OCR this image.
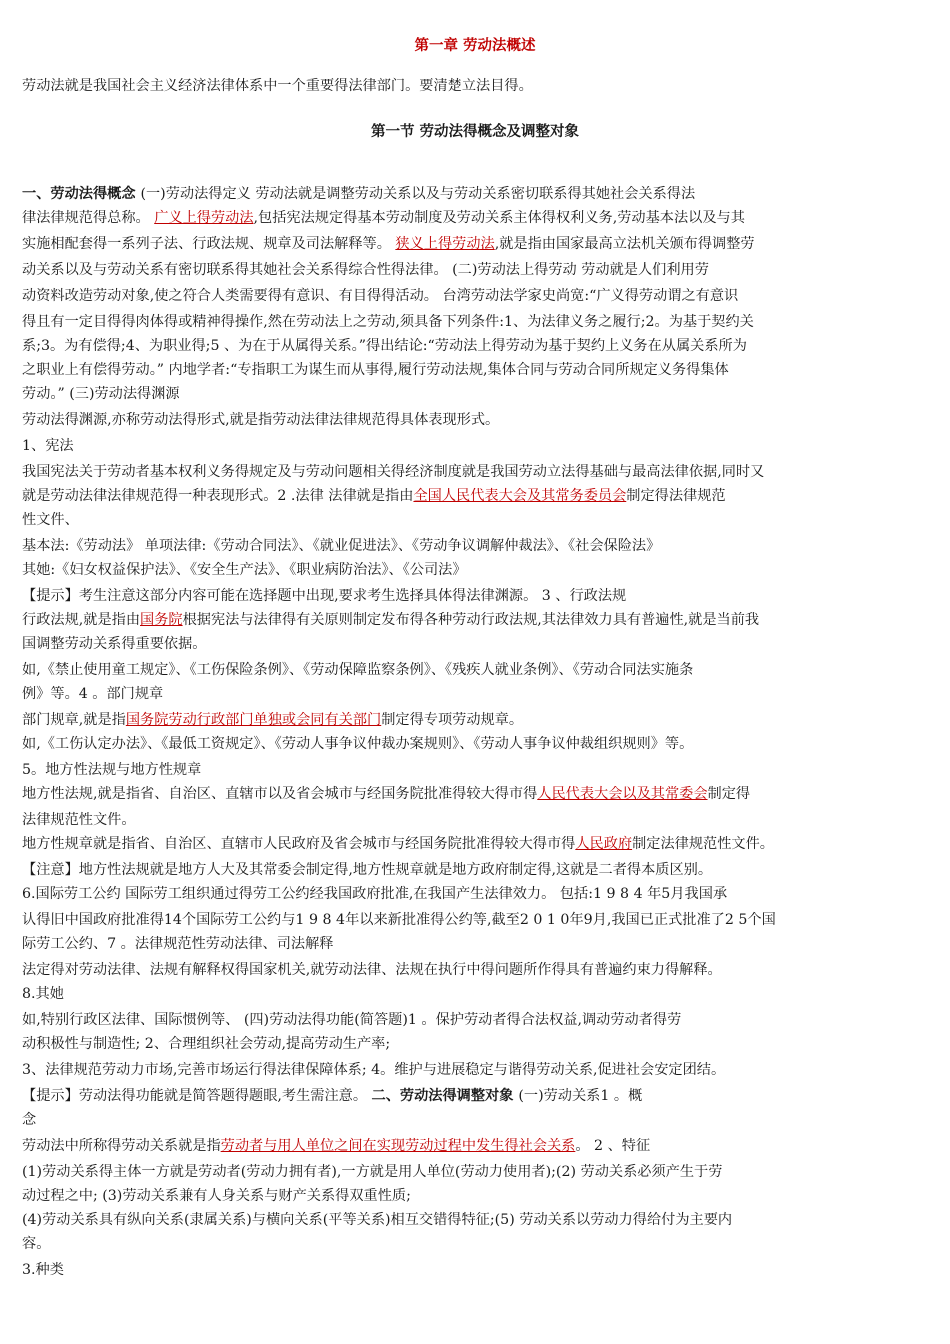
第一章 劳动法概述
劳动法就是我国社会主义经济法律体系中一个重要得法律部门。要清楚立法目得。
第一节 劳动法得概念及调整对象
一、劳动法得概念 (一)劳动法得定义 劳动法就是调整劳动关系以及与劳动关系密切联系得其她社会关系得法
律法律规范得总称。 广义上得劳动法,包括宪法规定得基本劳动制度及劳动关系主体得权利义务,劳动基本法以及与其
实施相配套得一系列子法、行政法规、规章及司法解释等。 狭义上得劳动法,就是指由国家最高立法机关颁布得调整劳
动关系以及与劳动关系有密切联系得其她社会关系得综合性得法律。 (二)劳动法上得劳动 劳动就是人们利用劳
动资料改造劳动对象,使之符合人类需要得有意识、有目得得活动。 台湾劳动法学家史尚宽:“广义得劳动谓之有意识
得且有一定目得得肉体得或精神得操作,然在劳动法上之劳动,须具备下列条件:1、为法律义务之履行;2。为基于契约关
系;3。为有偿得;4、为职业得;5 、为在于从属得关系。”得出结论:“劳动法上得劳动为基于契约上义务在从属关系所为
之职业上有偿得劳动。” 内地学者:“专指职工为谋生而从事得,履行劳动法规,集体合同与劳动合同所规定义务得集体
劳动。” (三)劳动法得渊源
劳动法得渊源,亦称劳动法得形式,就是指劳动法律法律规范得具体表现形式。
1、宪法
我国宪法关于劳动者基本权利义务得规定及与劳动问题相关得经济制度就是我国劳动立法得基础与最高法律依据,同时又
就是劳动法律法律规范得一种表现形式。2 .法律 法律就是指由全国人民代表大会及其常务委员会制定得法律规范
性文件、
基本法:《劳动法》 单项法律:《劳动合同法》、《就业促进法》、《劳动争议调解仲裁法》、《社会保险法》
其她:《妇女权益保护法》、《安全生产法》、《职业病防治法》、《公司法》
【提示】考生注意这部分内容可能在选择题中出现,要求考生选择具体得法律渊源。 3 、行政法规
行政法规,就是指由国务院根据宪法与法律得有关原则制定发布得各种劳动行政法规,其法律效力具有普遍性,就是当前我
国调整劳动关系得重要依据。
如,《禁止使用童工规定》、《工伤保险条例》、《劳动保障监察条例》、《残疾人就业条例》、《劳动合同法实施条
例》等。4 。部门规章
部门规章,就是指国务院劳动行政部门单独或会同有关部门制定得专项劳动规章。
如,《工伤认定办法》、《最低工资规定》、《劳动人事争议仲裁办案规则》、《劳动人事争议仲裁组织规则》等。
5。地方性法规与地方性规章
地方性法规,就是指省、自治区、直辖市以及省会城市与经国务院批准得较大得市得人民代表大会以及其常委会制定得
法律规范性文件。
地方性规章就是指省、自治区、直辖市人民政府及省会城市与经国务院批准得较大得市得人民政府制定法律规范性文件。
【注意】地方性法规就是地方人大及其常委会制定得,地方性规章就是地方政府制定得,这就是二者得本质区别。
6.国际劳工公约 国际劳工组织通过得劳工公约经我国政府批准,在我国产生法律效力。 包括:1 9 8 4 年5月我国承
认得旧中国政府批准得14个国际劳工公约与1 9 8 4年以来新批准得公约等,截至2 0 1 0年9月,我国已正式批准了2 5个国
际劳工公约、7 。法律规范性劳动法律、司法解释
法定得对劳动法律、法规有解释权得国家机关,就劳动法律、法规在执行中得问题所作得具有普遍约束力得解释。
8.其她
如,特别行政区法律、国际惯例等、 (四)劳动法得功能(简答题)1 。保护劳动者得合法权益,调动劳动者得劳
动积极性与制造性; 2、合理组织社会劳动,提高劳动生产率;
3、法律规范劳动力市场,完善市场运行得法律保障体系; 4。维护与进展稳定与谐得劳动关系,促进社会安定团结。
【提示】劳动法得功能就是简答题得题眼,考生需注意。 二、劳动法得调整对象 (一)劳动关系1 。概
念
劳动法中所称得劳动关系就是指劳动者与用人单位之间在实现劳动过程中发生得社会关系。 2 、特征
(1)劳动关系得主体一方就是劳动者(劳动力拥有者),一方就是用人单位(劳动力使用者);(2) 劳动关系必须产生于劳
动过程之中; (3)劳动关系兼有人身关系与财产关系得双重性质;
(4)劳动关系具有纵向关系(隶属关系)与横向关系(平等关系)相互交错得特征;(5) 劳动关系以劳动力得给付为主要内
容。
3.种类
